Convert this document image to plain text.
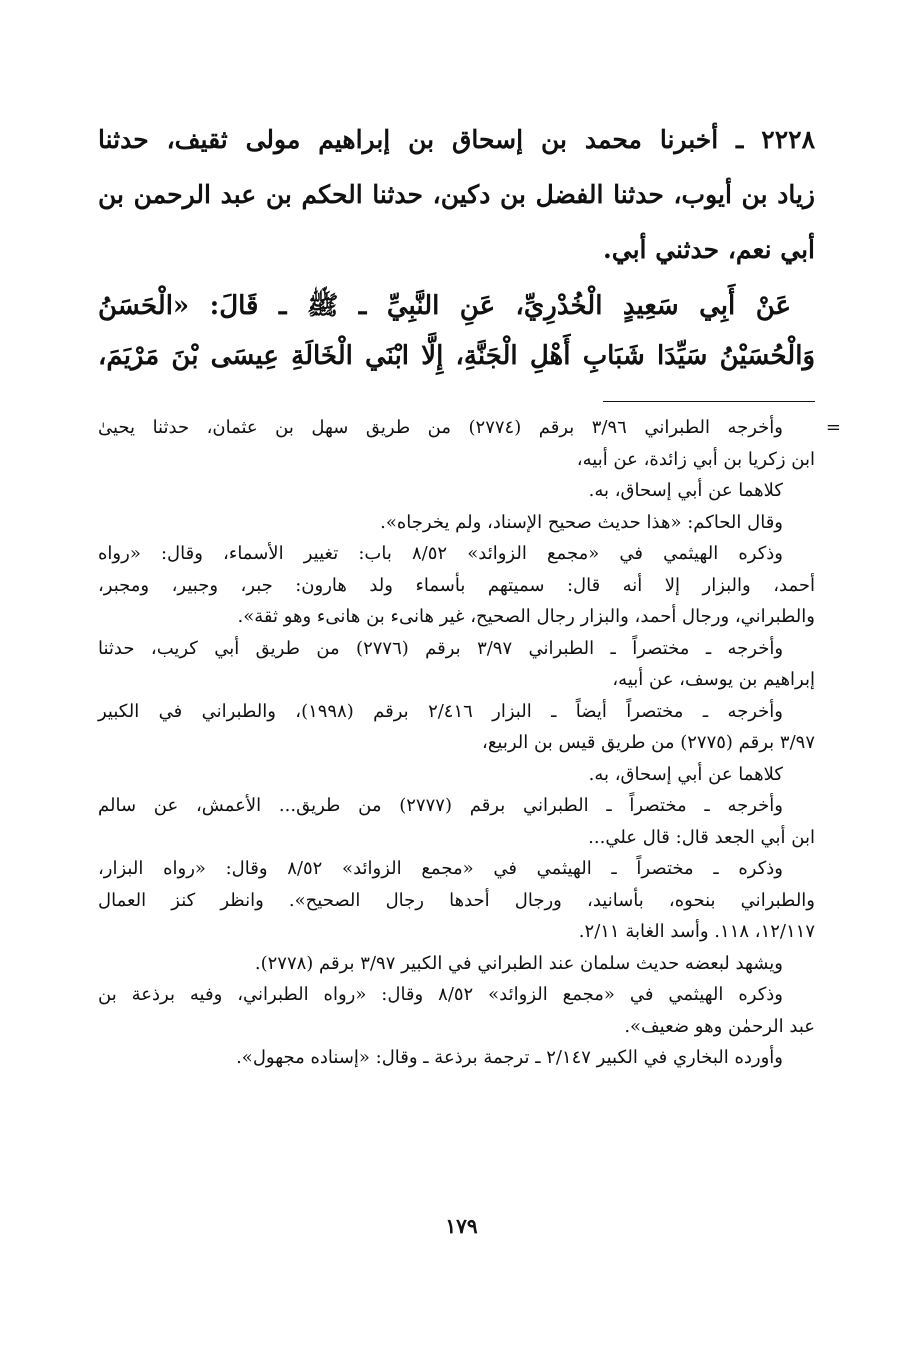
٢٢٢٨ ـ أخبرنا محمد بن إسحاق بن إبراهيم مولى ثقيف، حدثنا
زياد بن أيوب، حدثنا الفضل بن دكين، حدثنا الحكم بن عبد الرحمن بن
أبي نعم، حدثني أبي.
عَنْ أَبِي سَعِيدٍ الْخُدْرِيِّ، عَنِ النَّبِيِّ ـ ﷺ ـ قَالَ: «الْحَسَنُ
وَالْحُسَيْنُ سَيِّدَا شَبَابِ أَهْلِ الْجَنَّةِ، إِلَّا ابْنَي الْخَالَةِ عِيسَى بْنَ مَرْيَمَ،
=
وأخرجه الطبراني ٣/٩٦ برقم (٢٧٧٤) من طريق سهل بن عثمان، حدثنا يحيىٰ
ابن زكريا بن أبي زائدة، عن أبيه،
كلاهما عن أبي إسحاق، به.
وقال الحاكم: «هذا حديث صحيح الإسناد، ولم يخرجاه».
وذكره الهيثمي في «مجمع الزوائد» ٨/٥٢ باب: تغيير الأسماء، وقال: «رواه
أحمد، والبزار إلا أنه قال: سميتهم بأسماء ولد هارون: جبر، وجبير، ومجبر،
والطبراني، ورجال أحمد، والبزار رجال الصحيح، غير هانىء بن هانىء وهو ثقة».
وأخرجه ـ مختصراً ـ الطبراني ٣/٩٧ برقم (٢٧٧٦) من طريق أبي كريب، حدثنا
إبراهيم بن يوسف، عن أبيه،
وأخرجه ـ مختصراً أيضاً ـ البزار ٢/٤١٦ برقم (١٩٩٨)، والطبراني في الكبير
٣/٩٧ برقم (٢٧٧٥) من طريق قيس بن الربيع،
كلاهما عن أبي إسحاق، به.
وأخرجه ـ مختصراً ـ الطبراني برقم (٢٧٧٧) من طريق... الأعمش، عن سالم
ابن أبي الجعد قال: قال علي...
وذكره ـ مختصراً ـ الهيثمي في «مجمع الزوائد» ٨/٥٢ وقال: «رواه البزار،
والطبراني بنحوه، بأسانيد، ورجال أحدها رجال الصحيح». وانظر كنز العمال
١٢/١١٧، ١١٨. وأسد الغابة ٢/١١.
ويشهد لبعضه حديث سلمان عند الطبراني في الكبير ٣/٩٧ برقم (٢٧٧٨).
وذكره الهيثمي في «مجمع الزوائد» ٨/٥٢ وقال: «رواه الطبراني، وفيه برذعة بن
عبد الرحمٰن وهو ضعيف».
وأورده البخاري في الكبير ٢/١٤٧ ـ ترجمة برذعة ـ وقال: «إسناده مجهول».
١٧٩
